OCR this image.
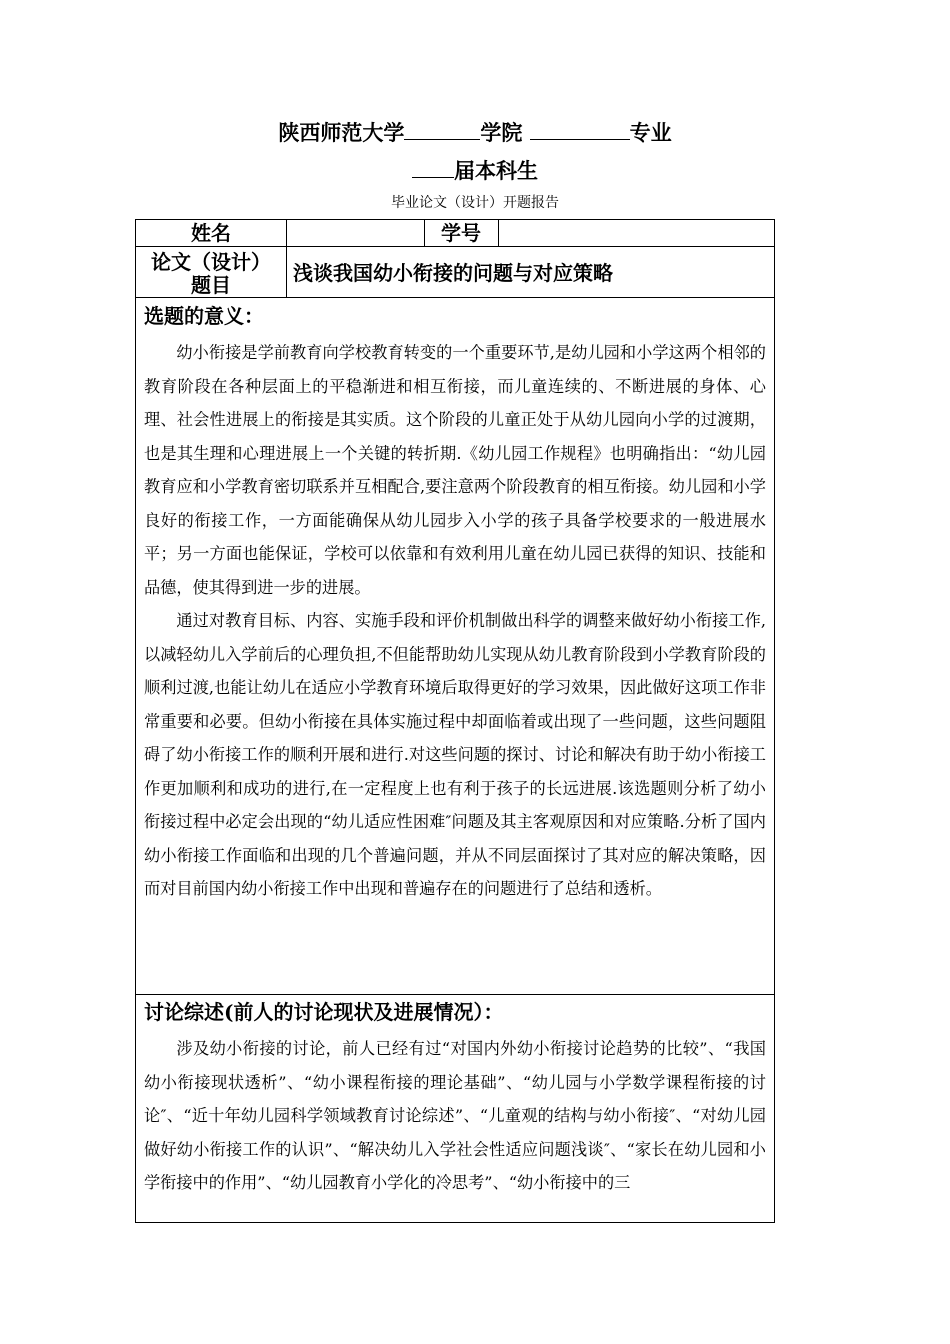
陕西师范大学	学院	专业
届本科生
毕业论文（设计）开题报告
姓名	学号
论文（设计）
题目	浅谈我国幼小衔接的问题与对应策略
选题的意义：

幼小衔接是学前教育向学校教育转变的一个重要环节,是幼儿园和小学这两个相邻的教育阶段在各种层面上的平稳渐进和相互衔接，而儿童连续的、不断进展的身体、心理、社会性进展上的衔接是其实质。这个阶段的儿童正处于从幼儿园向小学的过渡期，也是其生理和心理进展上一个关键的转折期.《幼儿园工作规程》也明确指出：“幼儿园教育应和小学教育密切联系并互相配合,要注意两个阶段教育的相互衔接。幼儿园和小学良好的衔接工作，一方面能确保从幼儿园步入小学的孩子具备学校要求的一般进展水平；另一方面也能保证，学校可以依靠和有效利用儿童在幼儿园已获得的知识、技能和品德，使其得到进一步的进展。

通过对教育目标、内容、实施手段和评价机制做出科学的调整来做好幼小衔接工作,以减轻幼儿入学前后的心理负担,不但能帮助幼儿实现从幼儿教育阶段到小学教育阶段的顺利过渡,也能让幼儿在适应小学教育环境后取得更好的学习效果，因此做好这项工作非常重要和必要。但幼小衔接在具体实施过程中却面临着或出现了一些问题，这些问题阻碍了幼小衔接工作的顺利开展和进行.对这些问题的探讨、讨论和解决有助于幼小衔接工作更加顺利和成功的进行,在一定程度上也有利于孩子的长远进展.该选题则分析了幼小衔接过程中必定会出现的“幼儿适应性困难″问题及其主客观原因和对应策略.分析了国内幼小衔接工作面临和出现的几个普遍问题，并从不同层面探讨了其对应的解决策略，因而对目前国内幼小衔接工作中出现和普遍存在的问题进行了总结和透析。

讨论综述(前人的讨论现状及进展情况）：

涉及幼小衔接的讨论，前人已经有过“对国内外幼小衔接讨论趋势的比较”、“我国幼小衔接现状透析”、“幼小课程衔接的理论基础”、“幼儿园与小学数学课程衔接的讨论″、“近十年幼儿园科学领域教育讨论综述”、“儿童观的结构与幼小衔接″、“对幼儿园做好幼小衔接工作的认识”、“解决幼儿入学社会性适应问题浅谈″、“家长在幼儿园和小学衔接中的作用”、“幼儿园教育小学化的冷思考”、“幼小衔接中的三
